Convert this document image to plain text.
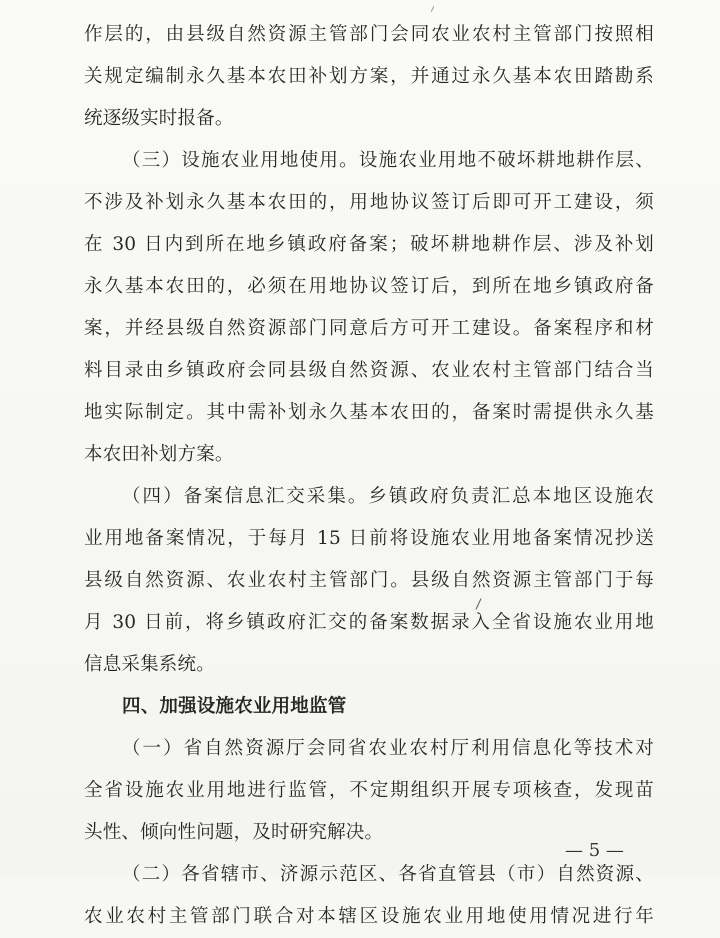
作层的，由县级自然资源主管部门会同农业农村主管部门按照相
关规定编制永久基本农田补划方案，并通过永久基本农田踏勘系
统逐级实时报备。
（三）设施农业用地使用。设施农业用地不破坏耕地耕作层、
不涉及补划永久基本农田的，用地协议签订后即可开工建设，须
在 30 日内到所在地乡镇政府备案；破坏耕地耕作层、涉及补划
永久基本农田的，必须在用地协议签订后，到所在地乡镇政府备
案，并经县级自然资源部门同意后方可开工建设。备案程序和材
料目录由乡镇政府会同县级自然资源、农业农村主管部门结合当
地实际制定。其中需补划永久基本农田的，备案时需提供永久基
本农田补划方案。
（四）备案信息汇交采集。乡镇政府负责汇总本地区设施农
业用地备案情况，于每月 15 日前将设施农业用地备案情况抄送
县级自然资源、农业农村主管部门。县级自然资源主管部门于每
月 30 日前，将乡镇政府汇交的备案数据录入全省设施农业用地
信息采集系统。
四、加强设施农业用地监管
（一）省自然资源厅会同省农业农村厅利用信息化等技术对
全省设施农业用地进行监管，不定期组织开展专项核查，发现苗
头性、倾向性问题，及时研究解决。
（二）各省辖市、济源示范区、各省直管县（市）自然资源、
农业农村主管部门联合对本辖区设施农业用地使用情况进行年
— 5 —
